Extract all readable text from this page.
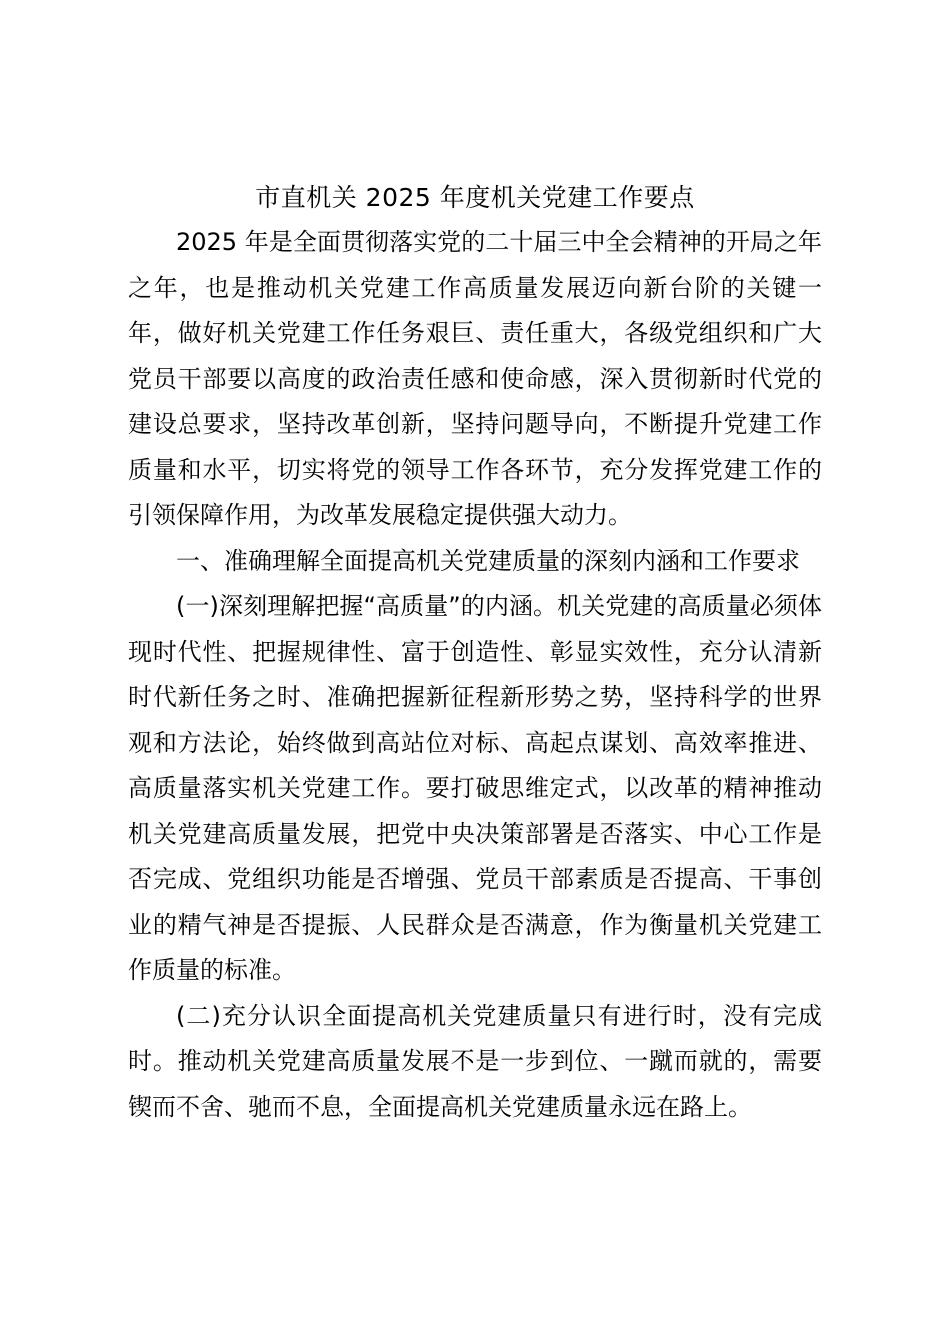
市直机关 2025 年度机关党建工作要点

2025 年是全面贯彻落实党的二十届三中全会精神的开局之年之年，也是推动机关党建工作高质量发展迈向新台阶的关键一年，做好机关党建工作任务艰巨、责任重大，各级党组织和广大党员干部要以高度的政治责任感和使命感，深入贯彻新时代党的建设总要求，坚持改革创新，坚持问题导向，不断提升党建工作质量和水平，切实将党的领导工作各环节，充分发挥党建工作的引领保障作用，为改革发展稳定提供强大动力。

一、准确理解全面提高机关党建质量的深刻内涵和工作要求

(一)深刻理解把握“高质量”的内涵。机关党建的高质量必须体现时代性、把握规律性、富于创造性、彰显实效性，充分认清新时代新任务之时、准确把握新征程新形势之势，坚持科学的世界观和方法论，始终做到高站位对标、高起点谋划、高效率推进、高质量落实机关党建工作。要打破思维定式，以改革的精神推动机关党建高质量发展，把党中央决策部署是否落实、中心工作是否完成、党组织功能是否增强、党员干部素质是否提高、干事创业的精气神是否提振、人民群众是否满意，作为衡量机关党建工作质量的标准。

(二)充分认识全面提高机关党建质量只有进行时，没有完成时。推动机关党建高质量发展不是一步到位、一蹴而就的，需要锲而不舍、驰而不息，全面提高机关党建质量永远在路上。
